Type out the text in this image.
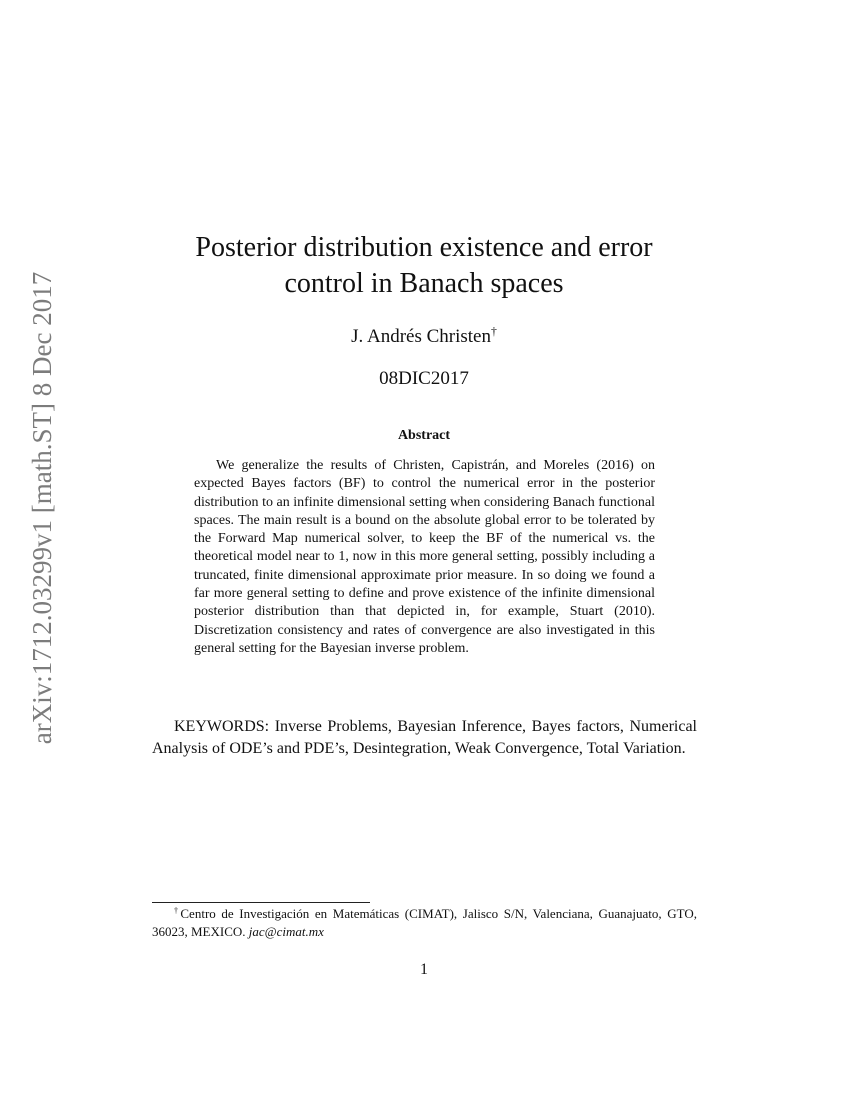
arXiv:1712.03299v1 [math.ST] 8 Dec 2017
Posterior distribution existence and error
control in Banach spaces
J. Andrés Christen†
08DIC2017
Abstract
We generalize the results of Christen, Capistrán, and Moreles (2016) on expected Bayes factors (BF) to control the numerical error in the posterior distribution to an infinite dimensional setting when considering Banach functional spaces. The main result is a bound on the absolute global error to be tolerated by the Forward Map numerical solver, to keep the BF of the numerical vs. the theoretical model near to 1, now in this more general setting, possibly including a truncated, finite dimensional approximate prior measure. In so doing we found a far more general setting to define and prove existence of the infinite dimensional posterior distribution than that depicted in, for example, Stuart (2010). Discretization consistency and rates of convergence are also investigated in this general setting for the Bayesian inverse problem.
KEYWORDS: Inverse Problems, Bayesian Inference, Bayes factors, Numerical Analysis of ODE’s and PDE’s, Desintegration, Weak Convergence, Total Variation.
†Centro de Investigación en Matemáticas (CIMAT), Jalisco S/N, Valenciana, Guanajuato, GTO, 36023, MEXICO. jac@cimat.mx
1
